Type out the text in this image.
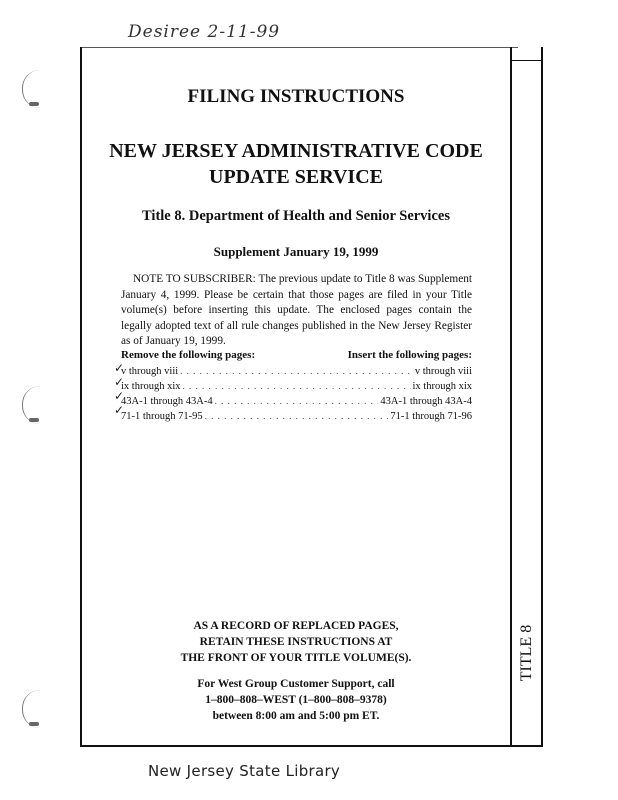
Desiree 2-11-99
TITLE 8
FILING INSTRUCTIONS
NEW JERSEY ADMINISTRATIVE CODE
UPDATE SERVICE
Title 8. Department of Health and Senior Services
Supplement January 19, 1999
NOTE TO SUBSCRIBER: The previous update to Title 8 was Supplement January 4, 1999. Please be certain that those pages are filed in your Title volume(s) before inserting this update. The enclosed pages contain the legally adopted text of all rule changes published in the New Jersey Register as of January 19, 1999.
Remove the following pages:	Insert the following pages:
✓
✓
✓
✓
v through viii . . .	v through viii
ix through xix . . .	ix through xix
43A-1 through 43A-4 . . .	43A-1 through 43A-4
71-1 through 71-95 . . .	71-1 through 71-96
AS A RECORD OF REPLACED PAGES,
RETAIN THESE INSTRUCTIONS AT
THE FRONT OF YOUR TITLE VOLUME(S).
For West Group Customer Support, call
1–800–808–WEST (1–800–808–9378)
between 8:00 am and 5:00 pm ET.
New Jersey State Library
